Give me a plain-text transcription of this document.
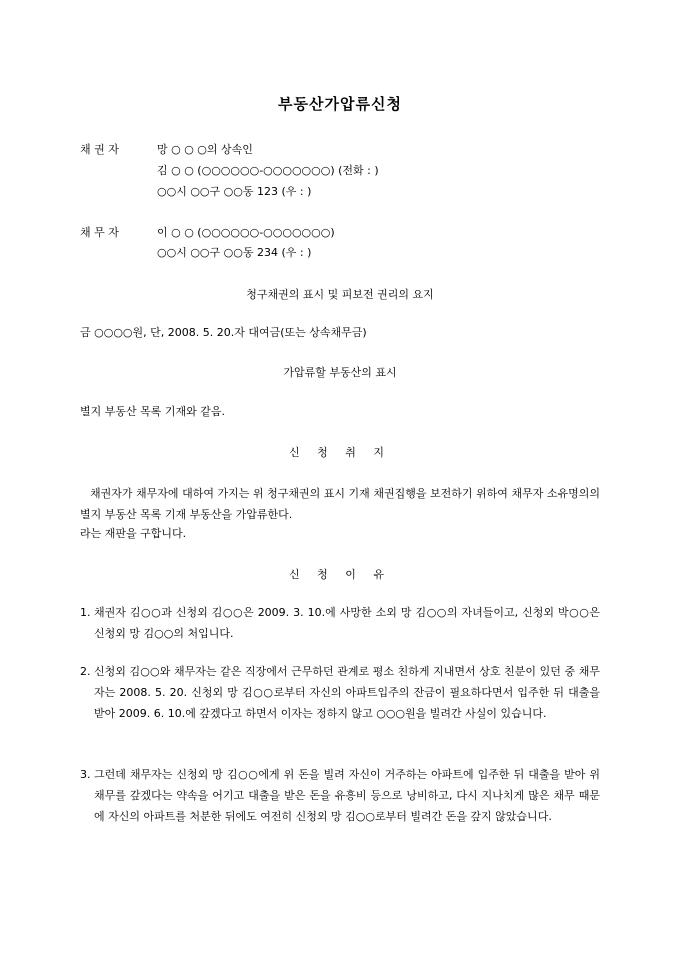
부동산가압류신청
채 권 자	망 ○ ○ ○의 상속인
김 ○ ○ (○○○○○○-○○○○○○○) (전화 : )
○○시 ○○구 ○○동 123 (우 : )
채 무 자	이 ○ ○ (○○○○○○-○○○○○○○)
○○시 ○○구 ○○동 234 (우 : )
청구채권의 표시 및 피보전 권리의 요지
금 ○○○○원, 단, 2008. 5. 20.자 대여금(또는 상속채무금)
가압류할 부동산의 표시
별지 부동산 목록 기재와 같음.
신 청 취 지
채권자가 채무자에 대하여 가지는 위 청구채권의 표시 기재 채권집행을 보전하기 위하여 채무자 소유명의의 별지 부동산 목록 기재 부동산을 가압류한다.
라는 재판을 구합니다.
신 청 이 유
1. 채권자 김○○과 신청외 김○○은 2009. 3. 10.에 사망한 소외 망 김○○의 자녀들이고, 신청외 박○○은 신청외 망 김○○의 처입니다.
2. 신청외 김○○와 채무자는 같은 직장에서 근무하던 관계로 평소 친하게 지내면서 상호 친분이 있던 중 채무자는 2008. 5. 20. 신청외 망 김○○로부터 자신의 아파트입주의 잔금이 필요하다면서 입주한 뒤 대출을 받아 2009. 6. 10.에 갚겠다고 하면서 이자는 정하지 않고 ○○○원을 빌려간 사실이 있습니다.
3. 그런데 채무자는 신청외 망 김○○에게 위 돈을 빌려 자신이 거주하는 아파트에 입주한 뒤 대출을 받아 위 채무를 갚겠다는 약속을 어기고 대출을 받은 돈을 유흥비 등으로 낭비하고, 다시 지나치게 많은 채무 때문에 자신의 아파트를 처분한 뒤에도 여전히 신청외 망 김○○로부터 빌려간 돈을 갚지 않았습니다.
